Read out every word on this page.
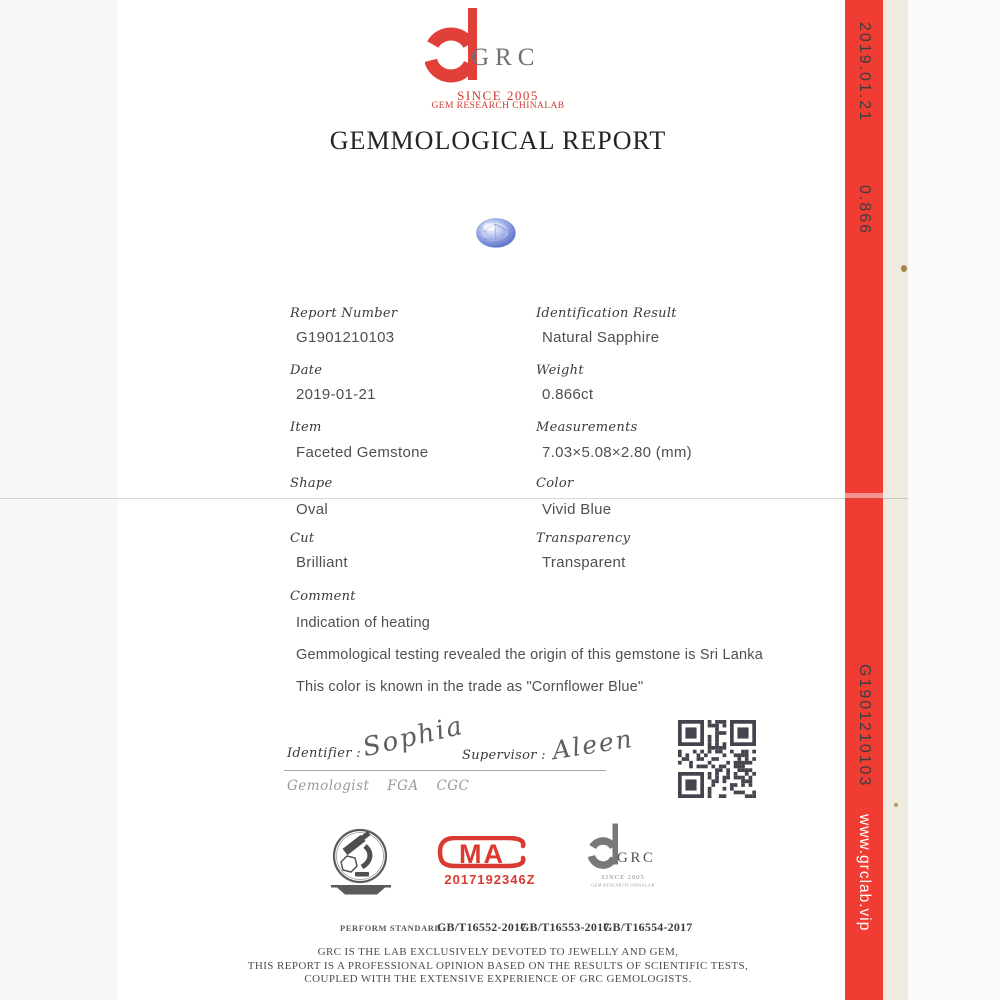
GRC
SINCE 2005
GEM RESEARCH CHINALAB
GEMMOLOGICAL REPORT
Report Number
G1901210103
Identification Result
Natural Sapphire
Date
2019-01-21
Weight
0.866ct
Item
Faceted Gemstone
Measurements
7.03×5.08×2.80 (mm)
Shape
Oval
Color
Vivid Blue
Cut
Brilliant
Transparency
Transparent
Comment
Indication of heating
Gemmological testing revealed the origin of this gemstone is Sri Lanka
This color is known in the trade as "Cornflower Blue"
Identifier : Sophia
Supervisor : Aleen
Gemologist FGA CGC
MA
2017192346Z
GRC
SINCE 2005
GEM RESEARCH CHINALAB
PERFORM STANDARD
GB/T16552-2017
GB/T16553-2017
GB/T16554-2017
GRC IS THE LAB EXCLUSIVELY DEVOTED TO JEWELLY AND GEM,
THIS REPORT IS A PROFESSIONAL OPINION BASED ON THE RESULTS OF SCIENTIFIC TESTS,
COUPLED WITH THE EXTENSIVE EXPERIENCE OF GRC GEMOLOGISTS.
2019.01.21
0.866
G1901210103
www.grclab.vip
